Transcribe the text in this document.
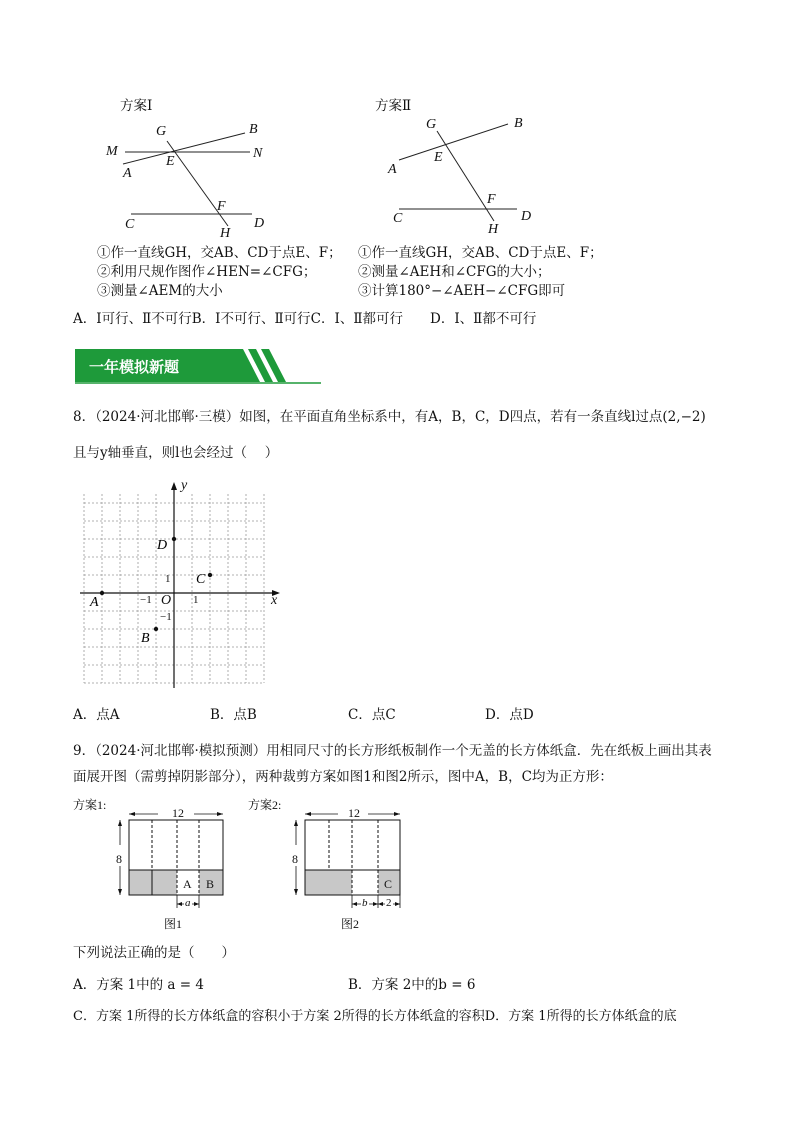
方案Ⅰ	方案Ⅱ
G	B
M
E
N
A
F
C	D
H
G	B
E
A
F
C	D
H
①作一直线GH，交AB、CD于点E、F；
②利用尺规作图作∠HEN=∠CFG；
③测量∠AEM的大小
①作一直线GH，交AB、CD于点E、F；
②测量∠AEH和∠CFG的大小；
③计算180°−∠AEH−∠CFG即可
A．Ⅰ可行、Ⅱ不可行B．Ⅰ不可行、Ⅱ可行C．Ⅰ、Ⅱ都可行　　D．Ⅰ、Ⅱ都不可行
一年模拟新题
8．（2024·河北邯郸·三模）如图，在平面直角坐标系中，有A，B，C，D四点，若有一条直线l过点(2,−2)
且与y轴垂直，则l也会经过（　 ）
A
B
C
D
y
x
O
−1	1
1
−1
A．点A	B．点B	C．点C	D．点D
9．（2024·河北邯郸·模拟预测）用相同尺寸的长方形纸板制作一个无盖的长方体纸盒．先在纸板上画出其表
面展开图（需剪掉阴影部分），两种裁剪方案如图1和图2所示，图中A，B，C均为正方形：
方案1:
12
8
A B
a
图1
方案2:
12
8
C
b 2
图2
下列说法正确的是（　　）
A．方案 1中的 a = 4	B．方案 2中的b = 6
C．方案 1所得的长方体纸盒的容积小于方案 2所得的长方体纸盒的容积D．方案 1所得的长方体纸盒的底
